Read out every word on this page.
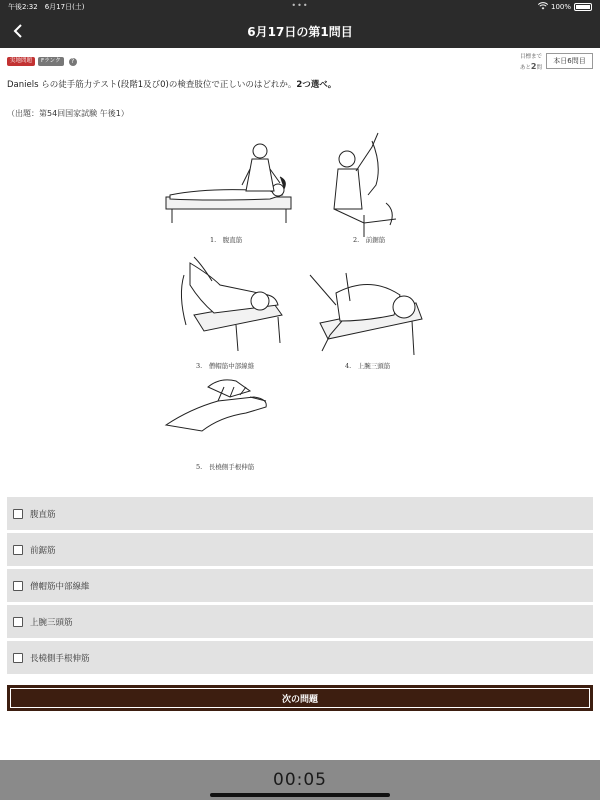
午後2:32　6月17日(土)	•••	100%
6月17日の第1問目
実地問題	Fランク	?
目標まで
あと2問
本日6問目
Daniels らの徒手筋力テスト(段階1及び0)の検査肢位で正しいのはどれか。2つ選べ。
（出題：第54回国家試験 午後1）
1.　腹直筋	2.　前鋸筋
3.　僧帽筋中部線維	4.　上腕三頭筋
5.　長橈側手根伸筋
腹直筋
前鋸筋
僧帽筋中部線維
上腕三頭筋
長橈側手根伸筋
次の問題
00:05
